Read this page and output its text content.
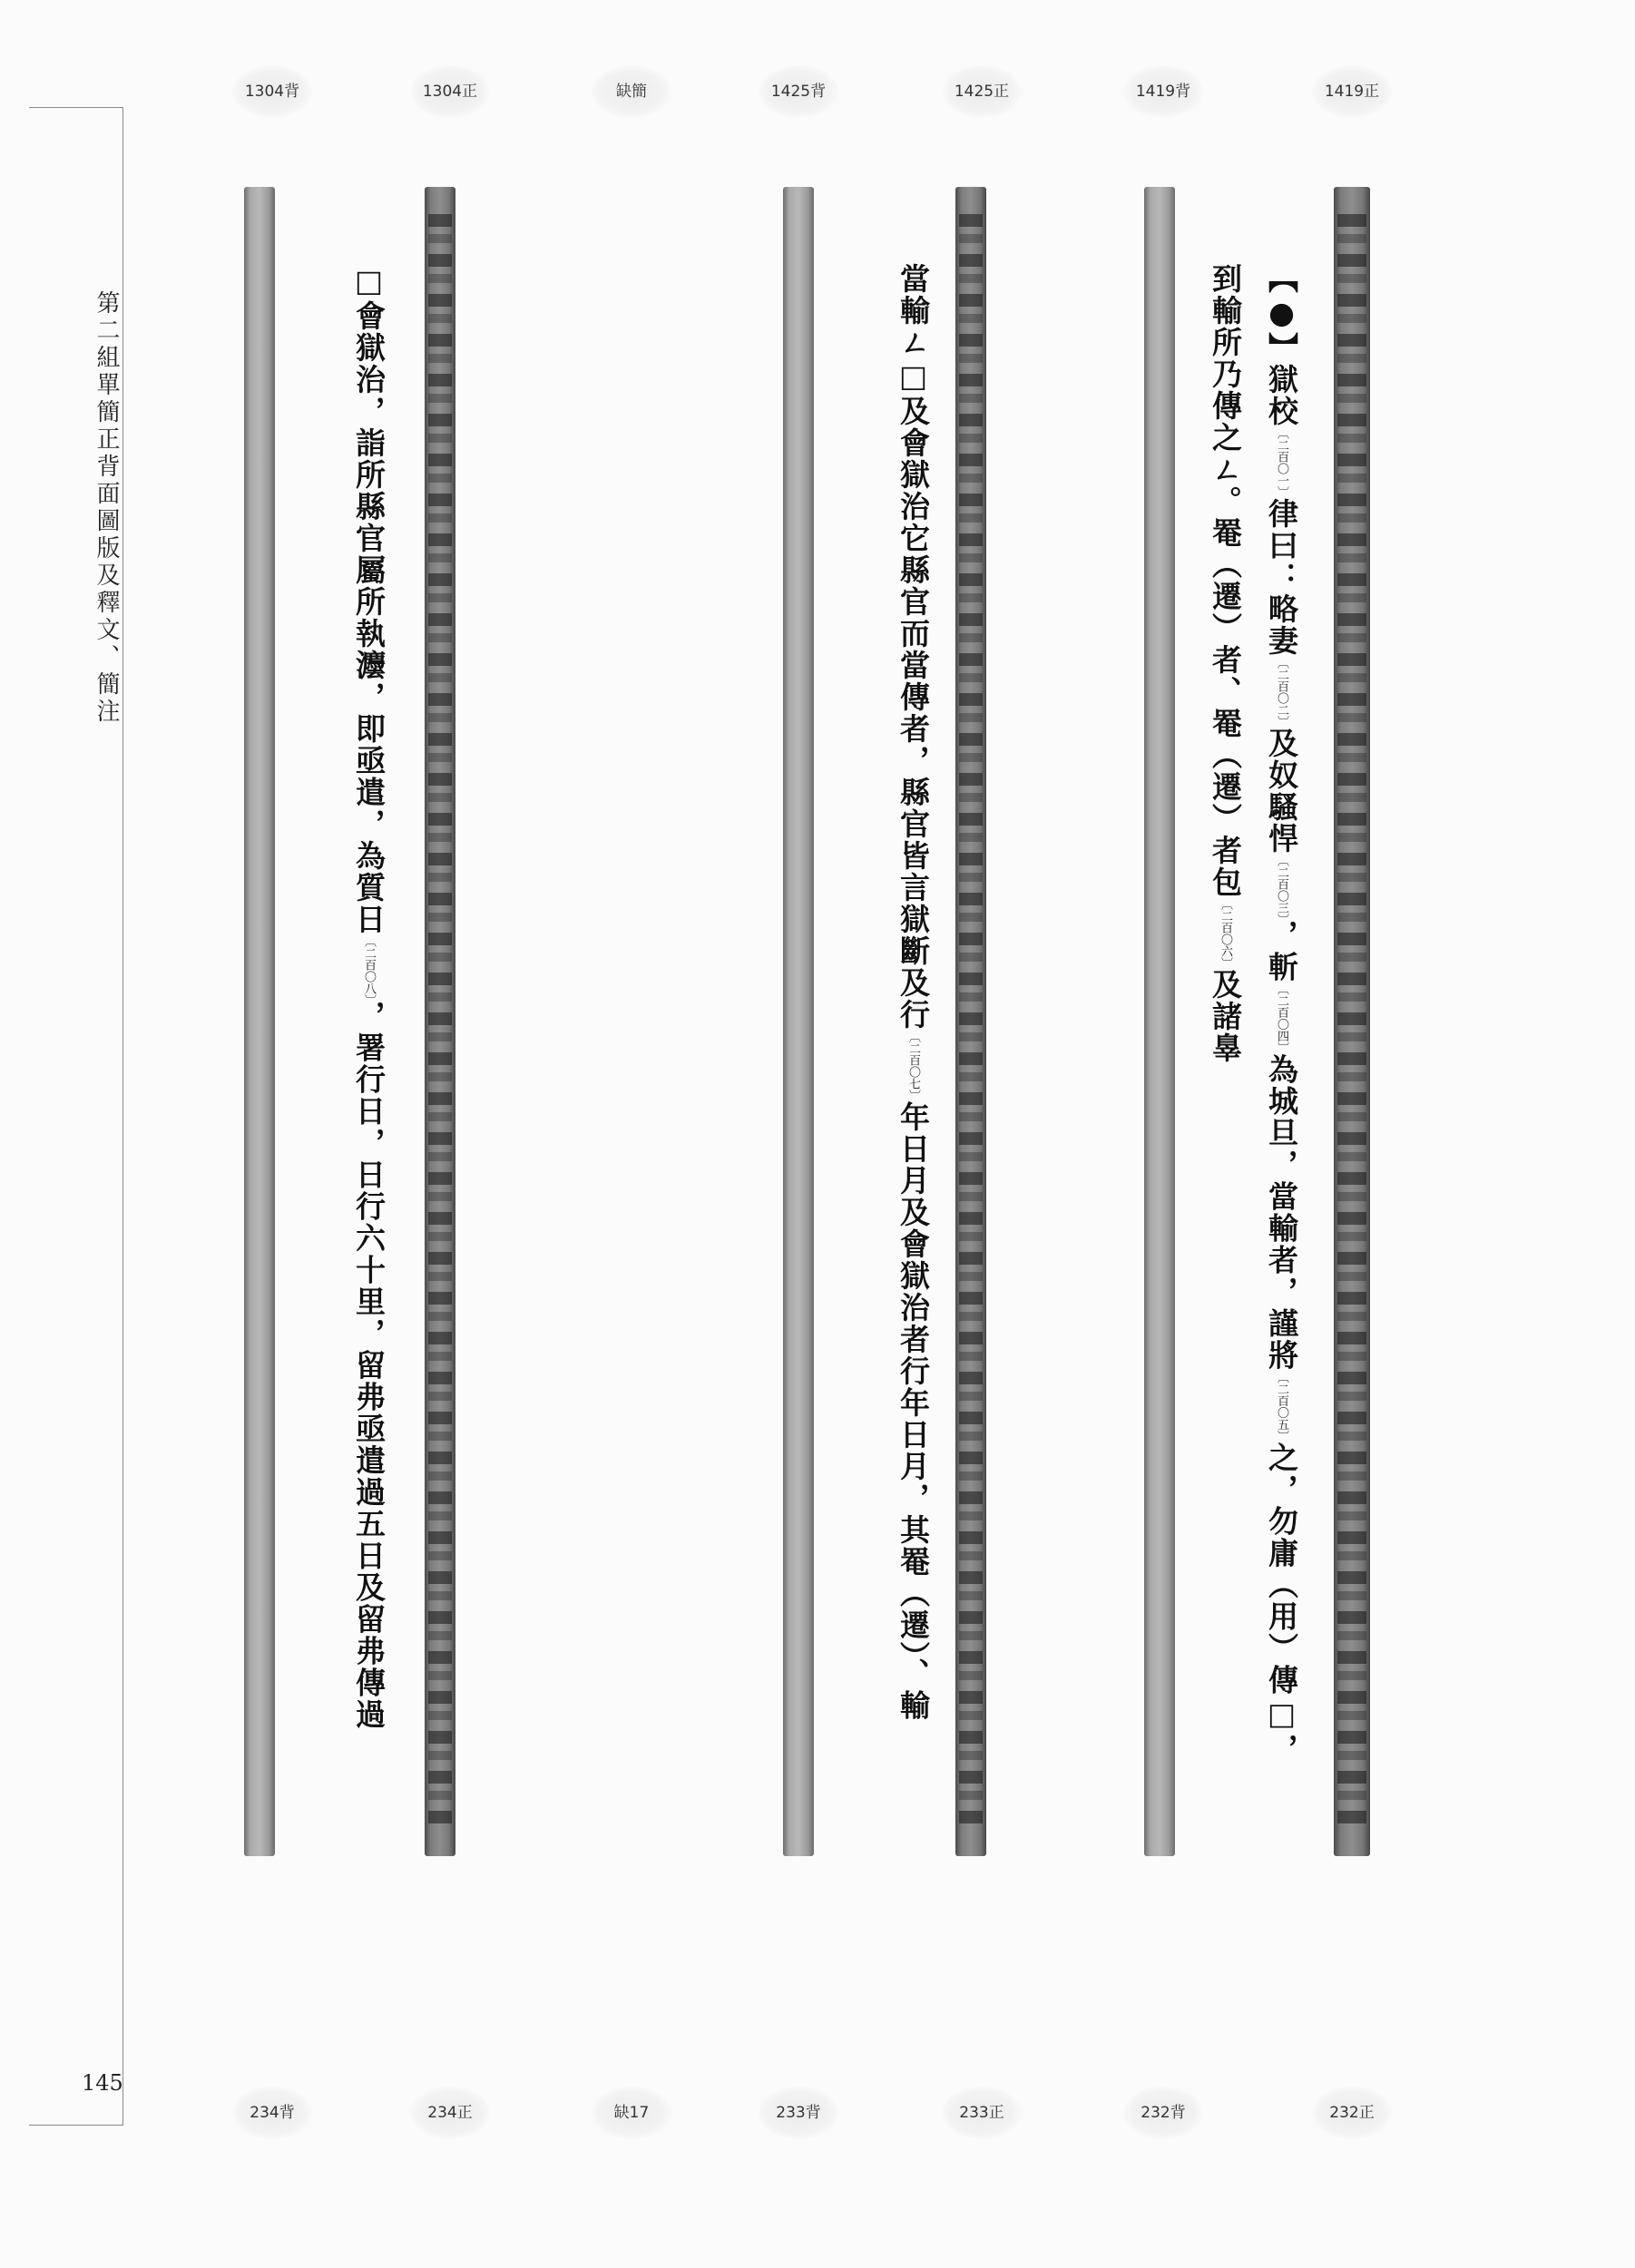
第二組單簡正背面圖版及釋文、簡注
145
1304背
234背
1304正
234正
缺簡
缺17
1425背
233背
1425正
233正
1419背
232背
1419正
232正
【●】獄校〔二百〇一〕律曰：略妻〔二百〇二〕及奴騷悍〔二百〇三〕，斬〔二百〇四〕為城旦，當輸者，謹將〔二百〇五〕之，勿庸（用）傳□，
到輸所乃傳之ㄥ。罨（遷）者、罨（遷）者包〔二百〇六〕及諸辠
當輸ㄥ□及會獄治它縣官而當傳者，縣官皆言獄斷及行〔二百〇七〕年日月及會獄治者行年日月，其罨（遷）、輸
□會獄治，詣所縣官屬所執灋，即亟遣，為質日〔二百〇八〕，署行日，日行六十里，留弗亟遣過五日及留弗傳過
